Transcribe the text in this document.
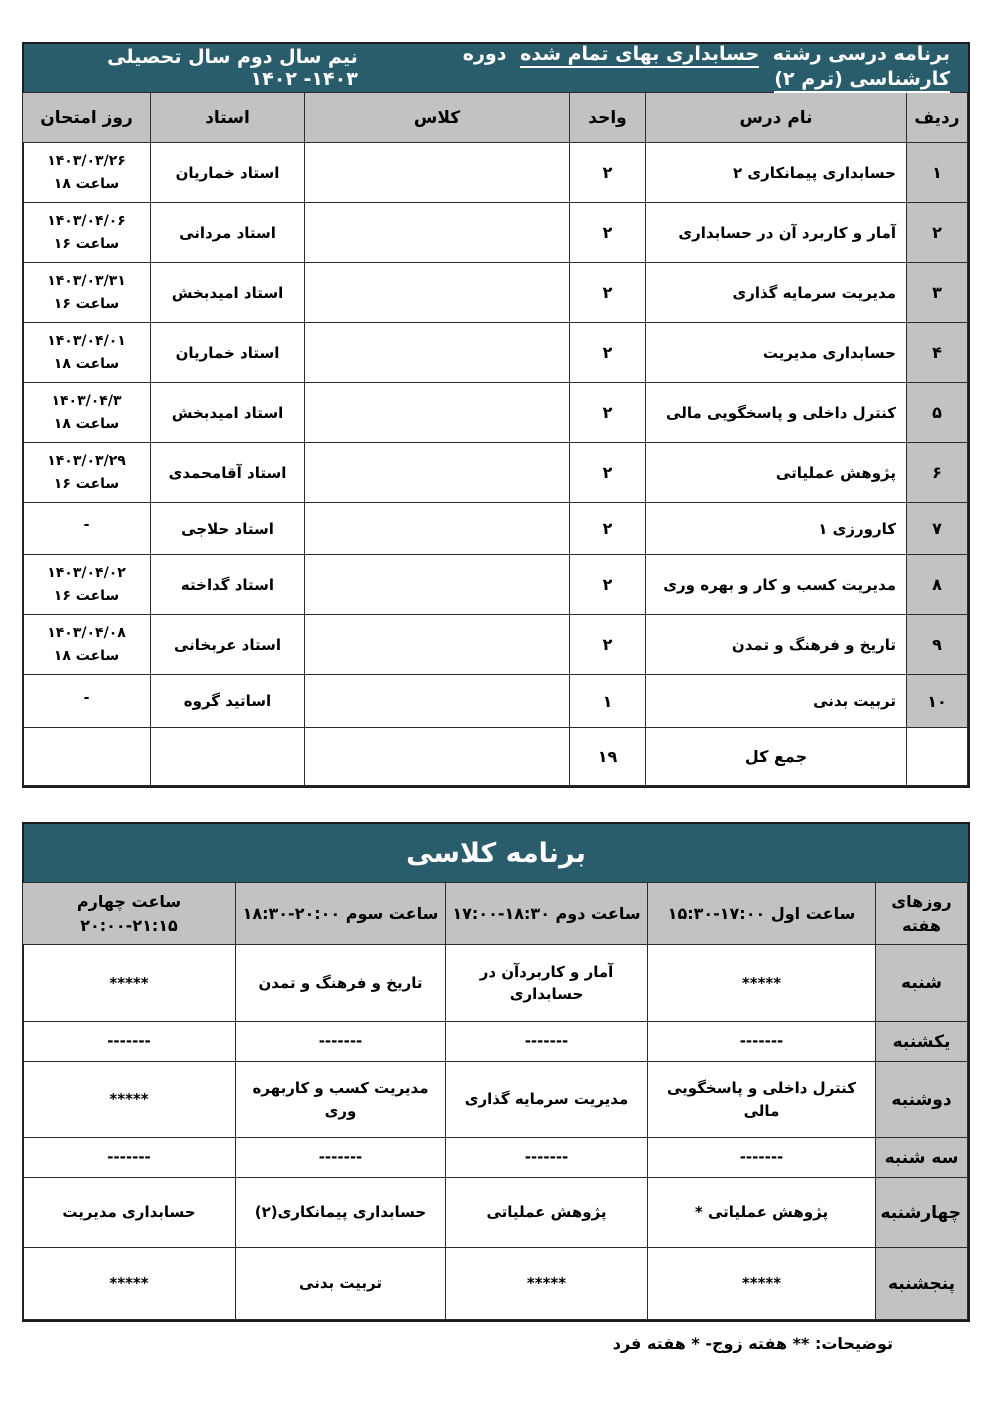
برنامه درسی رشته حسابداری بهای تمام شده دوره کارشناسی (ترم ۲)
نیم سال دوم سال تحصیلی ۱۴۰۲ -۱۴۰۳
ردیف	نام درس	واحد	کلاس	استاد	روز امتحان
۱	حسابداری پیمانکاری ۲	۲		استاد خماریان	۱۴۰۳/۰۳/۲۶
ساعت ۱۸

۲	آمار و کاربرد آن در حسابداری	۲		استاد مردانی	۱۴۰۳/۰۴/۰۶
ساعت ۱۶

۳	مدیریت سرمایه گذاری	۲		استاد امیدبخش	۱۴۰۳/۰۳/۳۱
ساعت ۱۶

۴	حسابداری مدیریت	۲		استاد خماریان	۱۴۰۳/۰۴/۰۱
ساعت ۱۸

۵	کنترل داخلی و پاسخگویی مالی	۲		استاد امیدبخش	۱۴۰۳/۰۴/۳
ساعت ۱۸

۶	پژوهش عملیاتی	۲		استاد آقامحمدی	۱۴۰۳/۰۳/۲۹
ساعت ۱۶

۷	کارورزی ۱	۲		استاد حلاجی	-

۸	مدیریت کسب و کار و بهره وری	۲		استاد گداخته	۱۴۰۳/۰۴/۰۲
ساعت ۱۶

۹	تاریخ و فرهنگ و تمدن	۲		استاد عربخانی	۱۴۰۳/۰۴/۰۸
ساعت ۱۸

۱۰	تربیت بدنی	۱		اساتید گروه	-

	جمع کل	۱۹			
برنامه کلاسی
روزهای هفته	ساعت اول ۱۵:۳۰-۱۷:۰۰	ساعت دوم ۱۷:۰۰-۱۸:۳۰	ساعت سوم ۱۸:۳۰-۲۰:۰۰	ساعت چهارم ۲۰:۰۰-۲۱:۱۵
شنبه	*****	آمار و کاربردآن در حسابداری	تاریخ و فرهنگ و تمدن	*****
یکشنبه	-------	-------	-------	-------
دوشنبه	کنترل داخلی و پاسخگویی مالی	مدیریت سرمایه گذاری	مدیریت کسب و کاربهره وری	*****
سه شنبه	-------	-------	-------	-------
چهارشنبه	پژوهش عملیاتی *	پژوهش عملیاتی	حسابداری پیمانکاری(۲)	حسابداری مدیریت
پنجشنبه	*****	*****	تربیت بدنی	*****
توضیحات: ** هفته زوج- * هفته فرد
